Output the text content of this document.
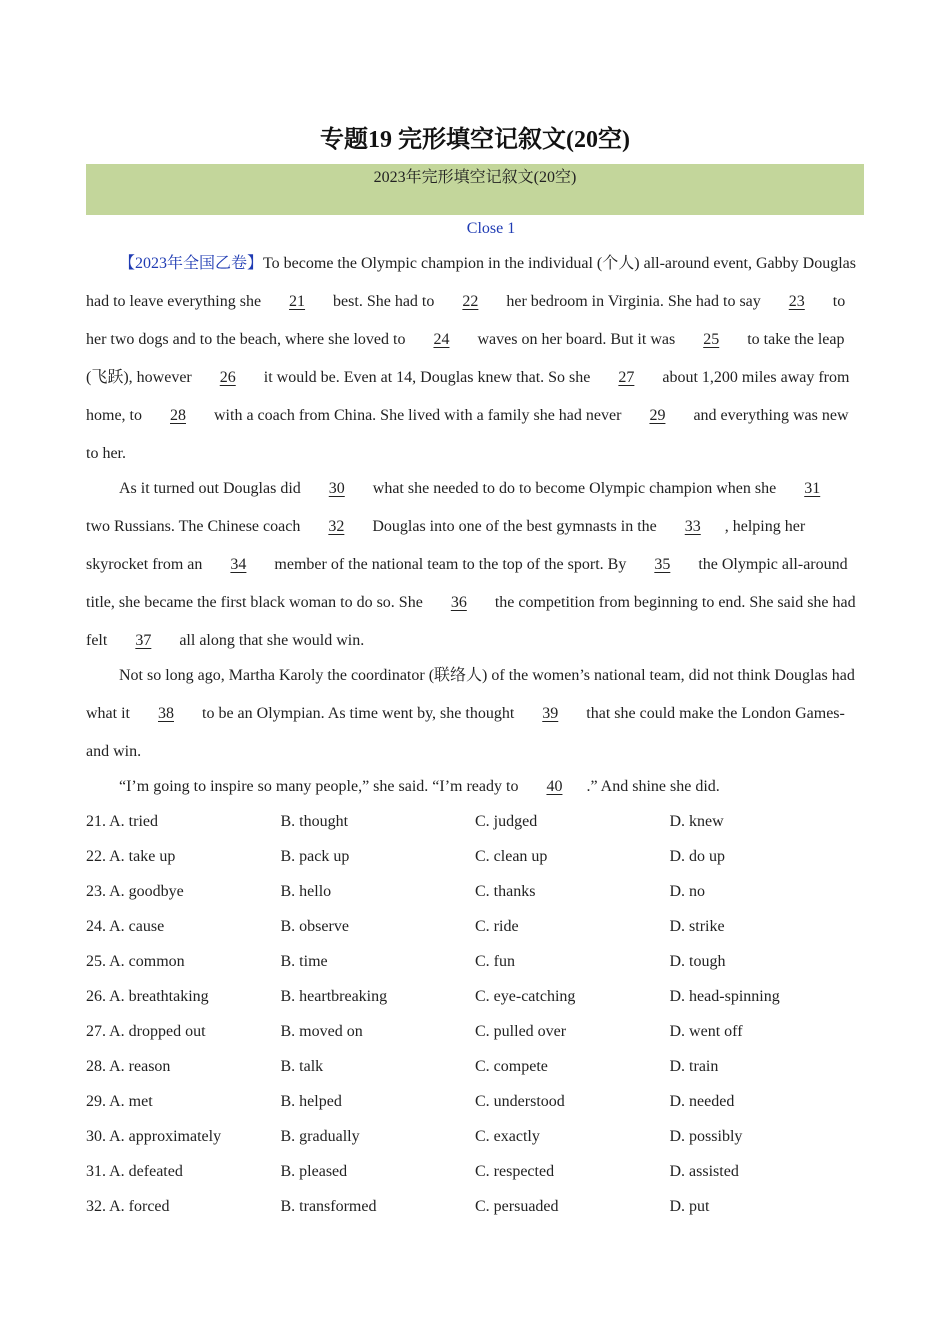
专题19 完形填空记叙文(20空)
2023年完形填空记叙文(20空)
Close 1

【2023年全国乙卷】To become the Olympic champion in the individual (个人) all-around event, Gabby Douglas had to leave everything she 21 best. She had to 22 her bedroom in Virginia. She had to say 23 to her two dogs and to the beach, where she loved to 24 waves on her board. But it was 25 to take the leap (飞跃), however 26 it would be. Even at 14, Douglas knew that. So she 27 about 1,200 miles away from home, to 28 with a coach from China. She lived with a family she had never 29 and everything was new to her.

As it turned out Douglas did 30 what she needed to do to become Olympic champion when she 31two Russians. The Chinese coach 32 Douglas into one of the best gymnasts in the 33 , helping her skyrocket from an 34 member of the national team to the top of the sport. By 35 the Olympic all-around title, she became the first black woman to do so. She 36 the competition from beginning to end. She said she had felt 37 all along that she would win.

Not so long ago, Martha Karoly the coordinator (联络人) of the women’s national team, did not think Douglas had what it 38 to be an Olympian. As time went by, she thought 39 that she could make the London Games-and win.

“I’m going to inspire so many people,” she said. “I’m ready to 40 .” And shine she did.

21. A. tried	B. thought	C. judged	D. knew
22. A. take up	B. pack up	C. clean up	D. do up
23. A. goodbye	B. hello	C. thanks	D. no
24. A. cause	B. observe	C. ride	D. strike
25. A. common	B. time	C. fun	D. tough
26. A. breathtaking	B. heartbreaking	C. eye-catching	D. head-spinning
27. A. dropped out	B. moved on	C. pulled over	D. went off
28. A. reason	B. talk	C. compete	D. train
29. A. met	B. helped	C. understood	D. needed
30. A. approximately	B. gradually	C. exactly	D. possibly
31. A. defeated	B. pleased	C. respected	D. assisted
32. A. forced	B. transformed	C. persuaded	D. put
